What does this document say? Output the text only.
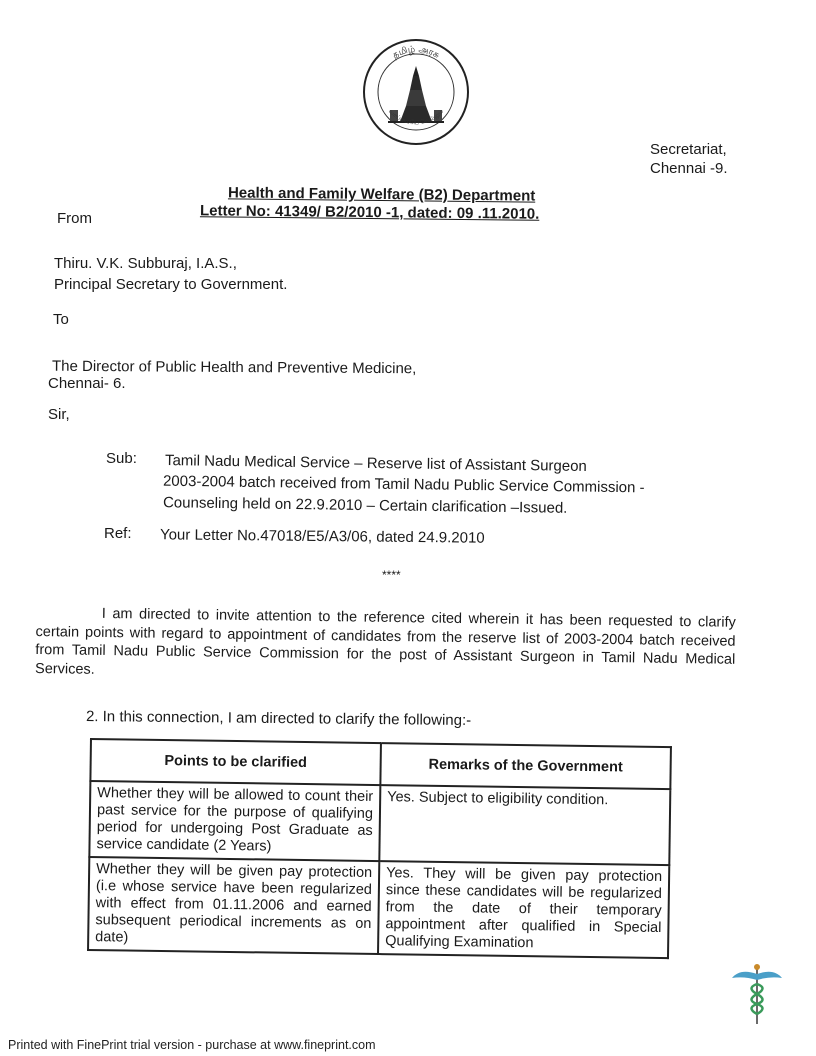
தமிழ் அரசு
வாய்மையே வெல்லும்
Secretariat,
Chennai -9.
Health and Family Welfare (B2) Department
Letter No: 41349/ B2/2010 -1, dated: 09 .11.2010.
From
Thiru. V.K. Subburaj, I.A.S.,
Principal Secretary to Government.
To
The Director of Public Health and Preventive Medicine,
Chennai- 6.
Sir,
Sub: Tamil Nadu Medical Service – Reserve list of Assistant Surgeon
2003-2004 batch received from Tamil Nadu Public Service Commission -
Counseling held on 22.9.2010 – Certain clarification –Issued.
Ref: Your Letter No.47018/E5/A3/06, dated 24.9.2010
****
I am directed to invite attention to the reference cited wherein it has been requested to clarify certain points with regard to appointment of candidates from the reserve list of 2003-2004 batch received from Tamil Nadu Public Service Commission for the post of Assistant Surgeon in Tamil Nadu Medical Services.
2. In this connection, I am directed to clarify the following:-
Points to be clarified	Remarks of the Government
Whether they will be allowed to count their past service for the purpose of qualifying period for undergoing Post Graduate as service candidate (2 Years)	Yes. Subject to eligibility condition.
Whether they will be given pay protection (i.e whose service have been regularized with effect from 01.11.2006 and earned subsequent periodical increments as on date)	Yes. They will be given pay protection since these candidates will be regularized from the date of their temporary appointment after qualified in Special Qualifying Examination
Printed with FinePrint trial version - purchase at www.fineprint.com
